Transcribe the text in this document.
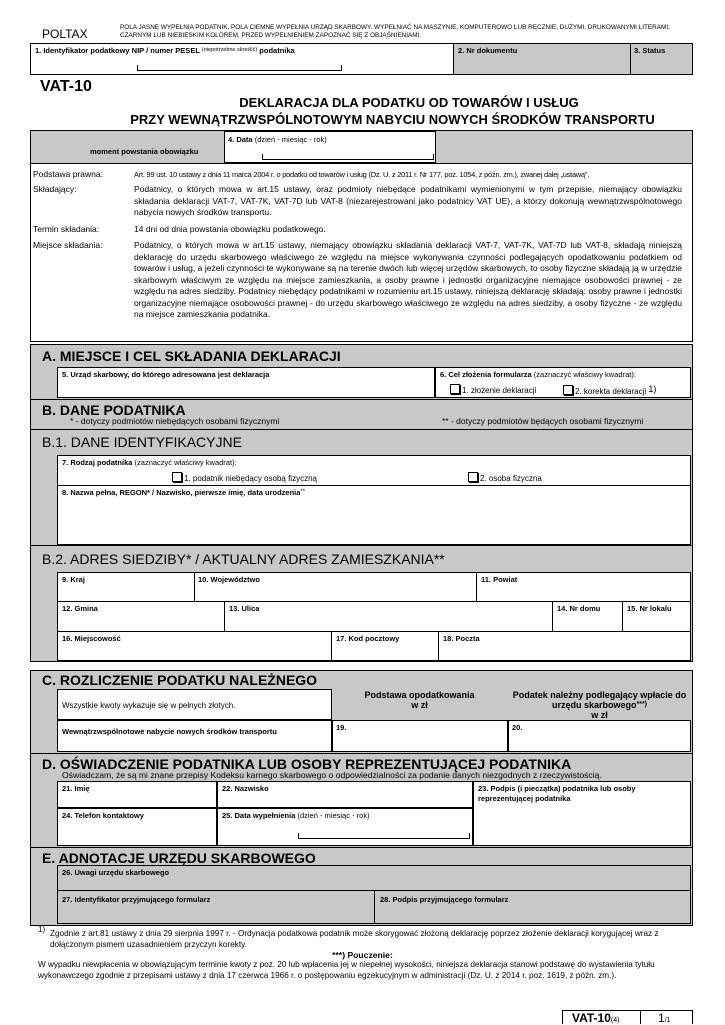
POLTAX	POLA JASNE WYPEŁNIA PODATNIK, POLA CIEMNE WYPEŁNIA URZĄD SKARBOWY. WYPEŁNIAĆ NA MASZYNIE, KOMPUTEROWO LUB RĘCZNIE, DUŻYMI, DRUKOWANYMI LITERAMI, CZARNYM LUB NIEBIESKIM KOLOREM. PRZED WYPEŁNIENIEM ZAPOZNAĆ SIĘ Z OBJAŚNIENIAMI.
1. Identyfikator podatkowy NIP / numer PESEL $^{(niepotrzebne skreślić)}$ podatnika	2. Nr dokumentu	3. Status
VAT-10
DEKLARACJA DLA PODATKU OD TOWARÓW I USŁUG
PRZY WEWNĄTRZWSPÓLNOTOWYM NABYCIU NOWYCH ŚRODKÓW TRANSPORTU
moment powstania obowiązku
4. Data (dzień - miesiąc - rok)
Podstawa prawna:	Art. 99 ust. 10 ustawy z dnia 11 marca 2004 r. o podatku od towarów i usług (Dz. U. z 2011 r. Nr 177, poz. 1054, z późn. zm.), zwanej dalej „ustawą”.
Składający:	Podatnicy, o których mowa w art.15 ustawy, oraz podmioty niebędące podatnikami wymienionymi w tym przepisie, niemający obowiązku składania deklaracji VAT-7, VAT-7K, VAT-7D lub VAT-8 (niezarejestrowani jako podatnicy VAT UE), a którzy dokonują wewnątrzwspólnotowego nabycia nowych środków transportu.
Termin składania:	14 dni od dnia powstania obowiązku podatkowego.
Miejsce składania:	Podatnicy, o których mowa w art.15 ustawy, niemający obowiązku składania deklaracji VAT-7, VAT-7K, VAT-7D lub VAT-8, składają niniejszą deklarację do urzędu skarbowego właściwego ze względu na miejsce wykonywania czynności podlegających opodatkowaniu podatkiem od towarów i usług, a jeżeli czynności te wykonywane są na terenie dwóch lub więcej urzędów skarbowych, to osoby fizyczne składają ją w urzędzie skarbowym właściwym ze względu na miejsce zamieszkania, a osoby prawne i jednostki organizacyjne niemające osobowości prawnej - ze względu na adres siedziby. Podatnicy niebędący podatnikami w rozumieniu art.15 ustawy, niniejszą deklarację składają: osoby prawne i jednostki organizacyjne niemające osobowości prawnej - do urzędu skarbowego właściwego ze względu na adres siedziby, a osoby fizyczne - ze względu na miejsce zamieszkania podatnika.
A. MIEJSCE I CEL SKŁADANIA DEKLARACJI
5. Urząd skarbowy, do którego adresowana jest deklaracja	6. Cel złożenia formularza (zaznaczyć właściwy kwadrat):
1. złożenie deklaracji	2. korekta deklaracji 1)
B. DANE PODATNIKA
* - dotyczy podmiotów niebędących osobami fizycznymi	** - dotyczy podmiotów będących osobami fizycznymi
B.1. DANE IDENTYFIKACYJNE
7. Rodzaj podatnika (zaznaczyć właściwy kwadrat):
1. podatnik niebędący osobą fizyczną	2. osoba fizyczna
8. Nazwa pełna, REGON* / Nazwisko, pierwsze imię, data urodzenia**
B.2. ADRES SIEDZIBY* / AKTUALNY ADRES ZAMIESZKANIA**
9. Kraj	10. Województwo	11. Powiat
12. Gmina	13. Ulica	14. Nr domu	15. Nr lokalu
16. Miejscowość	17. Kod pocztowy	18. Poczta
C. ROZLICZENIE PODATKU NALEŻNEGO
Wszystkie kwoty wykazuje się w pełnych złotych.
Podstawa opodatkowania
w zł
Podatek należny podlegający wpłacie do urzędu skarbowego***)
w zł
Wewnątrzwspólnotowe nabycie nowych środków transportu	19.	20.
D. OŚWIADCZENIE PODATNIKA LUB OSOBY REPREZENTUJĄCEJ PODATNIKA
Oświadczam, że są mi znane przepisy Kodeksu karnego skarbowego o odpowiedzialności za podanie danych niezgodnych z rzeczywistością.
21. Imię	22. Nazwisko	23. Podpis (i pieczątka) podatnika lub osoby reprezentującej podatnika
24. Telefon kontaktowy	25. Data wypełnienia (dzień - miesiąc - rok)
E. ADNOTACJE URZĘDU SKARBOWEGO
26. Uwagi urzędu skarbowego
27. Identyfikator przyjmującego formularz	28. Podpis przyjmującego formularz
1) Zgodnie z art.81 ustawy z dnia 29 sierpnia 1997 r. - Ordynacja podatkowa podatnik może skorygować złożoną deklarację poprzez złożenie deklaracji korygującej wraz z dołączonym pismem uzasadnieniem przyczyn korekty.
***) Pouczenie:
W wypadku niewpłacenia w obowiązującym terminie kwoty z poz. 20 lub wpłacenia jej w niepełnej wysokości, niniejsza deklaracja stanowi podstawę do wystawienia tytułu wykonawczego zgodnie z przepisami ustawy z dnia 17 czerwca 1966 r. o postępowaniu egzekucyjnym w administracji (Dz. U. z 2014 r. poz. 1619, z późn. zm.).
VAT-10(4)	1/1
